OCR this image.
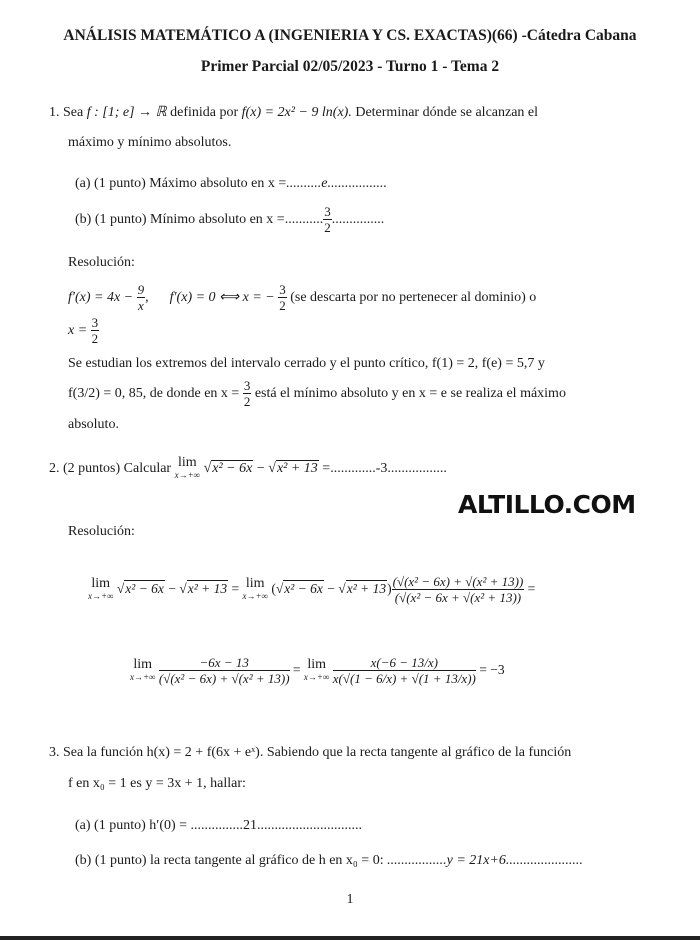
ANÁLISIS MATEMÁTICO A (INGENIERIA Y CS. EXACTAS)(66) -Cátedra Cabana
Primer Parcial 02/05/2023 - Turno 1 - Tema 2
1. Sea f : [1; e] → ℝ definida por f(x) = 2x² − 9 ln(x). Determinar dónde se alcanzan el
máximo y mínimo absolutos.
(a) (1 punto) Máximo absoluto en x =..........e.................
(b) (1 punto) Mínimo absoluto en x =........... $\frac{3}{2}$ ...............
Resolución:
$f'(x) = 4x - \frac{9}{x}$ ,      f′(x) = 0 ⟺ x = − $\frac{3}{2} (se$ descarta por no pertenecer al dominio) o
$x = \frac{3}{2}$
Se estudian los extremos del intervalo cerrado y el punto crítico, f(1) = 2, f(e) = 5,7 y
f(3/2) = 0, 85, de donde en $x = \frac{3}{2}$ está el mínimo absoluto y en x = e se realiza el máximo
absoluto.
2. (2 puntos) Calcular lim
x→+∞ √x² − 6x − √x² + 13 =.............-3.................
ALTILLO.COM
Resolución:
lim
x→+∞ √x² − 6x − √x² + 13 = lim
x→+∞ $(√x^2 - 6x - √x^2 + 13) \frac{\text{(√(x² − 6x) + √(x² + 13))}}{\text{(√(x² − 6x + √(x² + 13))}}$ =
lim
x→+∞
$\frac{-6x - 13}{\text{(√(x² − 6x) + √(x² + 13))}} = \lim$
x→+∞
$\frac{x(-6 - 13/x)}{x(√(1 - 6/x) + √(1 + 13/x))} = -3$
3. Sea la función h(x) = 2 + f(6x + eˣ). Sabiendo que la recta tangente al gráfico de la función
f en x₀ = 1 es y = 3x + 1, hallar:
(a) (1 punto) h′(0) = ...............21..............................
(b) (1 punto) la recta tangente al gráfico de h en x₀ = 0: .................y = 21x+6......................
1
